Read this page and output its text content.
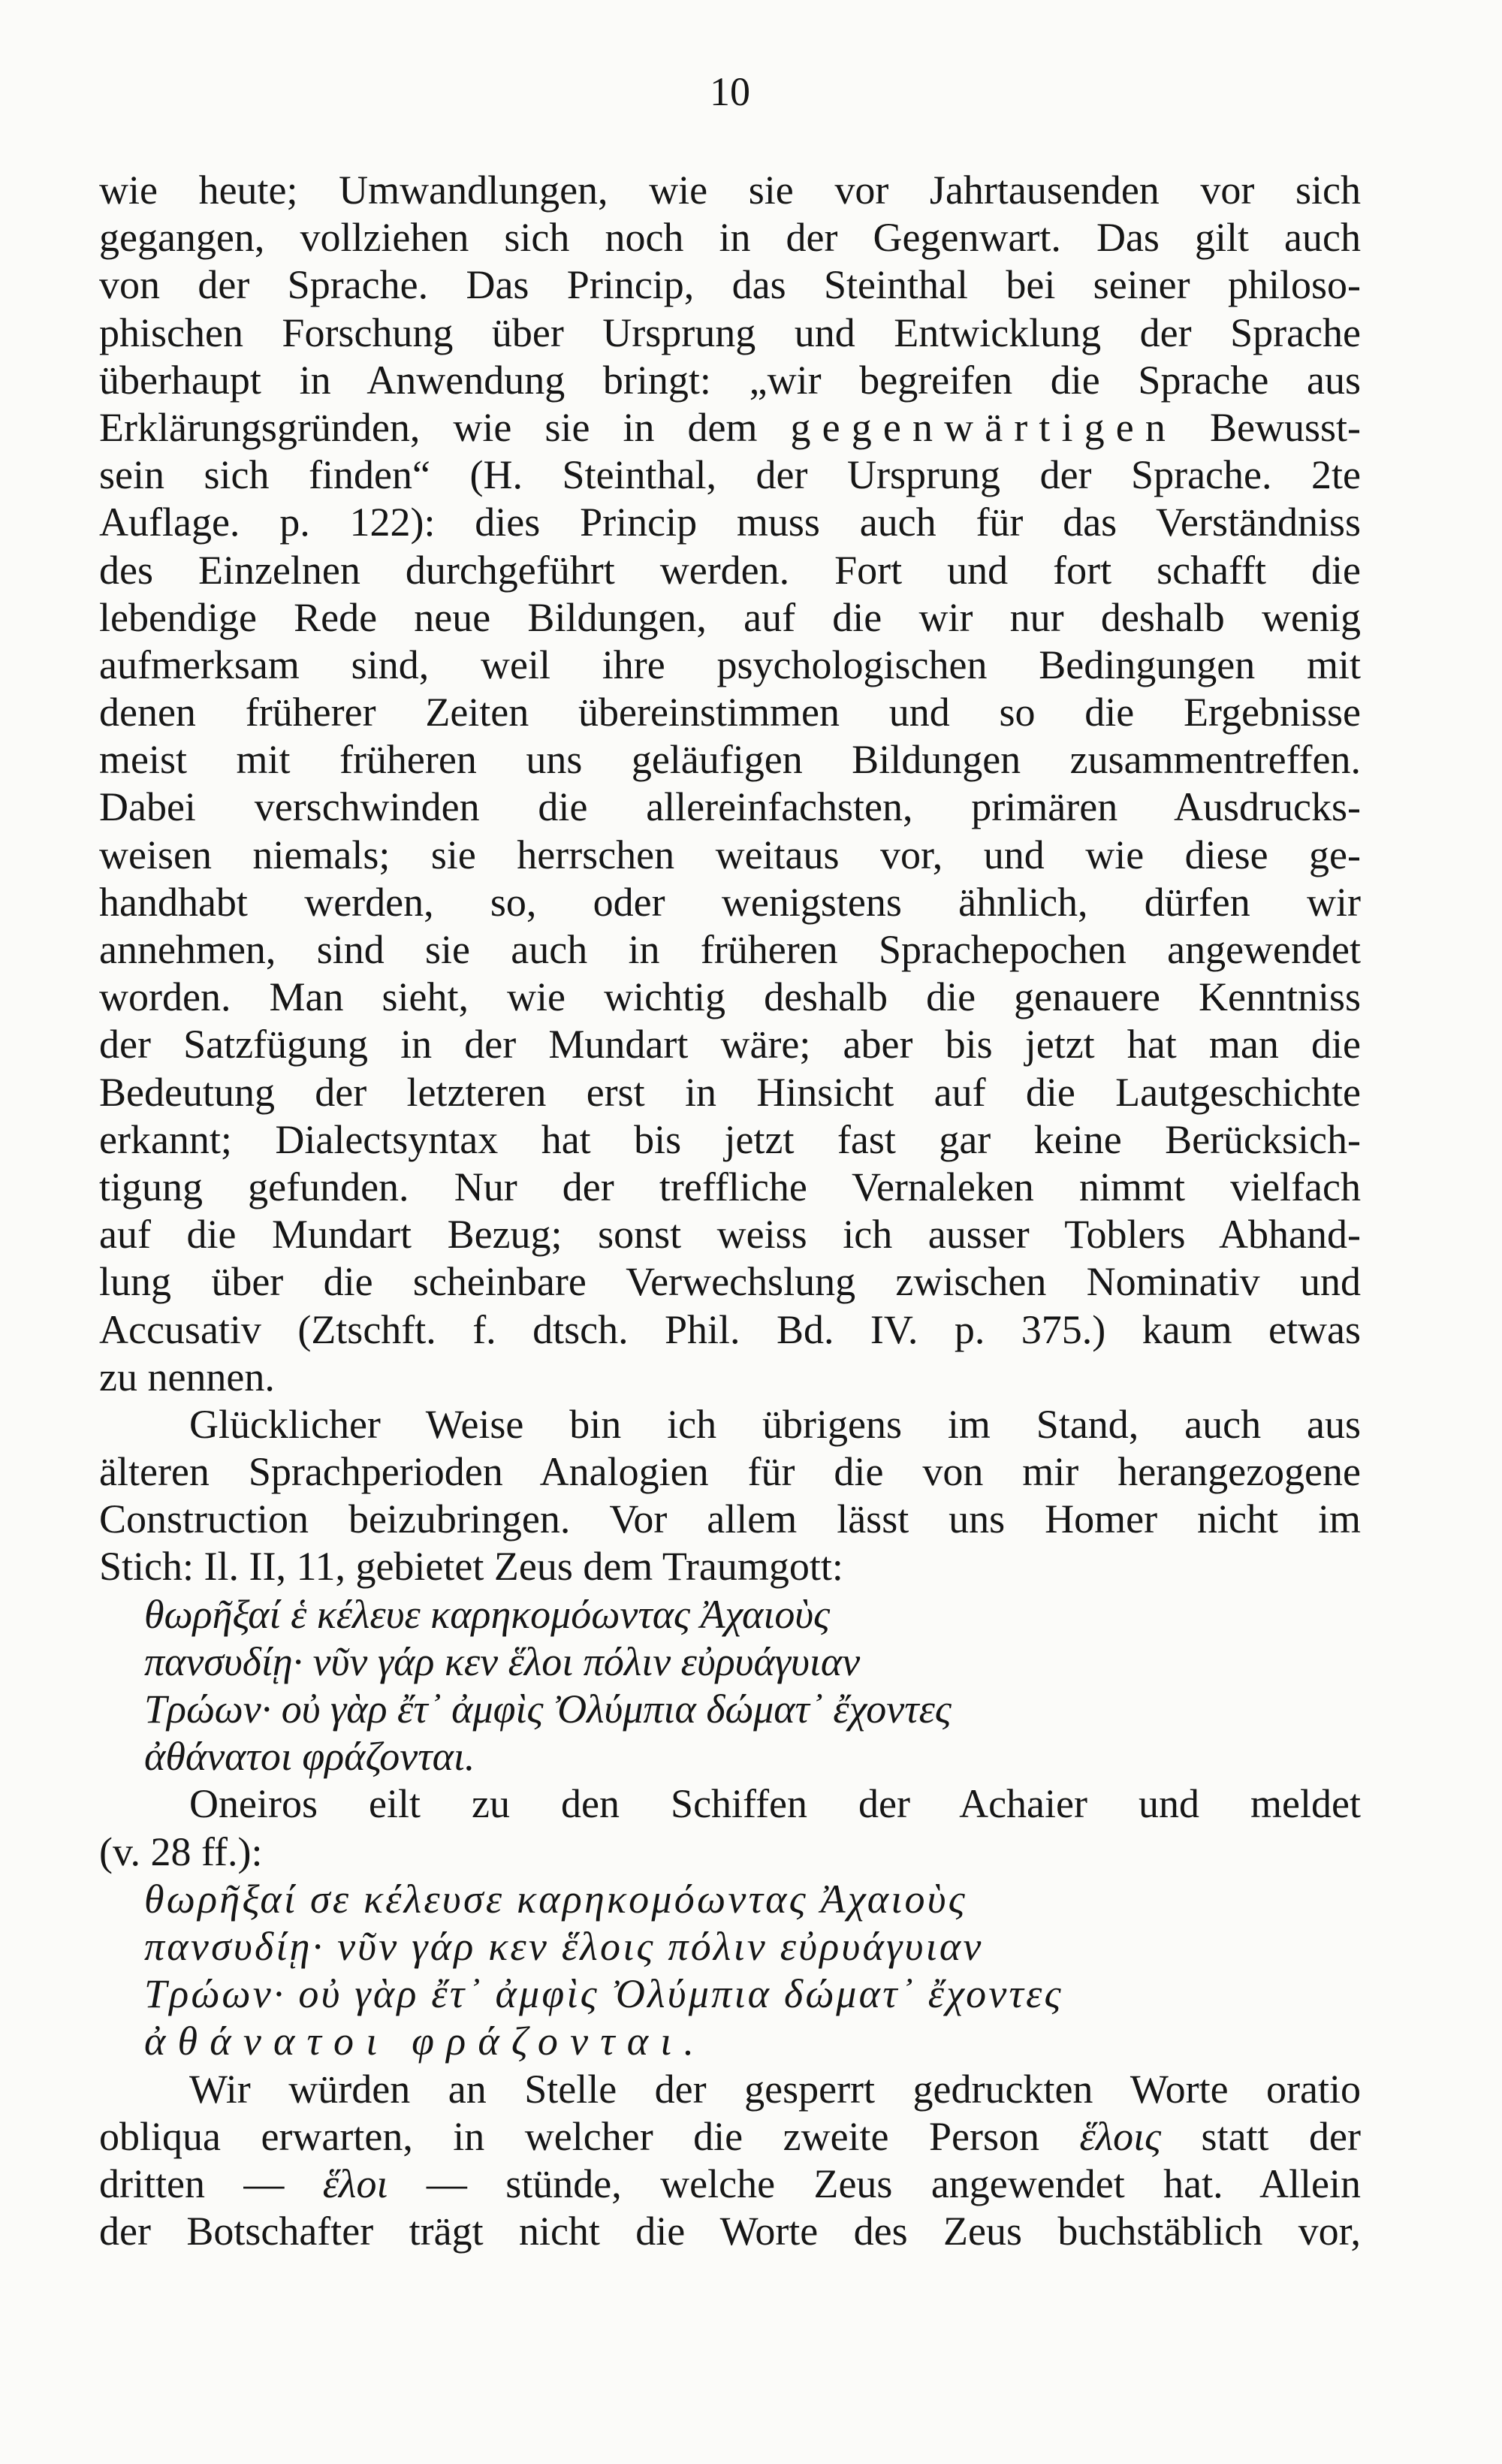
10
wie heute; Umwandlungen, wie sie vor Jahrtausenden vor sich
gegangen, vollziehen sich noch in der Gegenwart. Das gilt auch
von der Sprache. Das Princip, das Steinthal bei seiner philoso-
phischen Forschung über Ursprung und Entwicklung der Sprache
überhaupt in Anwendung bringt: „wir begreifen die Sprache aus
Erklärungsgründen, wie sie in dem gegenwärtigen Bewusst-
sein sich finden“ (H. Steinthal, der Ursprung der Sprache. 2te
Auflage. p. 122): dies Princip muss auch für das Verständniss
des Einzelnen durchgeführt werden. Fort und fort schafft die
lebendige Rede neue Bildungen, auf die wir nur deshalb wenig
aufmerksam sind, weil ihre psychologischen Bedingungen mit
denen früherer Zeiten übereinstimmen und so die Ergebnisse
meist mit früheren uns geläufigen Bildungen zusammentreffen.
Dabei verschwinden die allereinfachsten, primären Ausdrucks-
weisen niemals; sie herrschen weitaus vor, und wie diese ge-
handhabt werden, so, oder wenigstens ähnlich, dürfen wir
annehmen, sind sie auch in früheren Sprachepochen angewendet
worden. Man sieht, wie wichtig deshalb die genauere Kenntniss
der Satzfügung in der Mundart wäre; aber bis jetzt hat man die
Bedeutung der letzteren erst in Hinsicht auf die Lautgeschichte
erkannt; Dialectsyntax hat bis jetzt fast gar keine Berücksich-
tigung gefunden. Nur der treffliche Vernaleken nimmt vielfach
auf die Mundart Bezug; sonst weiss ich ausser Toblers Abhand-
lung über die scheinbare Verwechslung zwischen Nominativ und
Accusativ (Ztschft. f. dtsch. Phil. Bd. IV. p. 375.) kaum etwas
zu nennen.
Glücklicher Weise bin ich übrigens im Stand, auch aus
älteren Sprachperioden Analogien für die von mir herangezogene
Construction beizubringen. Vor allem lässt uns Homer nicht im
Stich: Il. II, 11, gebietet Zeus dem Traumgott:
θωρῆξαί ἑ κέλευε καρηκομόωντας Ἀχαιοὺς
πανσυδίῃ· νῦν γάρ κεν ἕλοι πόλιν εὐρυάγυιαν
Τρώων· οὐ γὰρ ἔτ᾽ ἀμφὶς Ὀλύμπια δώματ᾽ ἔχοντες
ἀθάνατοι φράζονται.
Oneiros eilt zu den Schiffen der Achaier und meldet
(v. 28 ff.):
θωρῆξαί σε κέλευσε καρηκομόωντας Ἀχαιοὺς
πανσυδίῃ· νῦν γάρ κεν ἕλοις πόλιν εὐρυάγυιαν
Τρώων· οὐ γὰρ ἔτ᾽ ἀμφὶς Ὀλύμπια δώματ᾽ ἔχοντες
ἀθάνατοι φράζονται.
Wir würden an Stelle der gesperrt gedruckten Worte oratio
obliqua erwarten, in welcher die zweite Person ἕλοις statt der
dritten — ἕλοι — stünde, welche Zeus angewendet hat. Allein
der Botschafter trägt nicht die Worte des Zeus buchstäblich vor,
